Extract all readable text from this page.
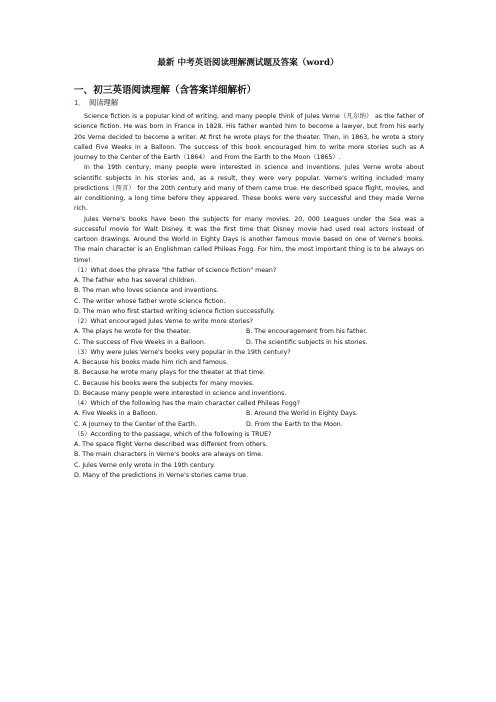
最新 中考英语阅读理解测试题及答案（word）
一、初三英语阅读理解（含答案详细解析）
1． 阅读理解

Science fiction is a popular kind of writing, and many people think of Jules Verne（凡尔纳） as the father of science fiction. He was born in France in 1828. His father wanted him to become a lawyer, but from his early 20s Verne decided to become a writer. At first he wrote plays for the theater. Then, in 1863, he wrote a story called Five Weeks in a Balloon. The success of this book encouraged him to write more stories such as A Journey to the Center of the Earth（1864） and From the Earth to the Moon（1865）.

In the 19th century, many people were interested in science and inventions. Jules Verne wrote about scientific subjects in his stories and, as a result, they were very popular. Verne's writing included many predictions（预言） for the 20th century and many of them came true. He described space flight, movies, and air conditioning, a long time before they appeared. These books were very successful and they made Verne rich.

Jules Verne's books have been the subjects for many movies. 20, 000 Leagues under the Sea was a successful movie for Walt Disney. It was the first time that Disney movie had used real actors instead of cartoon drawings. Around the World in Eighty Days is another famous movie based on one of Verne's books. The main character is an Englishman called Phileas Fogg. For him, the most important thing is to be always on time!

（1）What does the phrase "the father of science fiction" mean?
A. The father who has several children.
B. The man who loves science and inventions.
C. The writer whose father wrote science fiction.
D. The man who first started writing science fiction successfully.
（2）What encouraged Jules Verne to write more stories?
A. The plays he wrote for the theater.	B. The encouragement from his father.
C. The success of Five Weeks in a Balloon.	D. The scientific subjects in his stories.
（3）Why were Jules Verne's books very popular in the 19th century?
A. Because his books made him rich and famous.
B. Because he wrote many plays for the theater at that time.
C. Because his books were the subjects for many movies.
D. Because many people were interested in science and inventions.
（4）Which of the following has the main character called Phileas Fogg?
A. Five Weeks in a Balloon.	B. Around the World in Eighty Days.
C. A Journey to the Center of the Earth.	D. From the Earth to the Moon.
（5）According to the passage, which of the following is TRUE?
A. The space flight Verne described was different from others.
B. The main characters in Verne's books are always on time.
C. Jules Verne only wrote in the 19th century.
D. Many of the predictions in Verne's stories came true.
